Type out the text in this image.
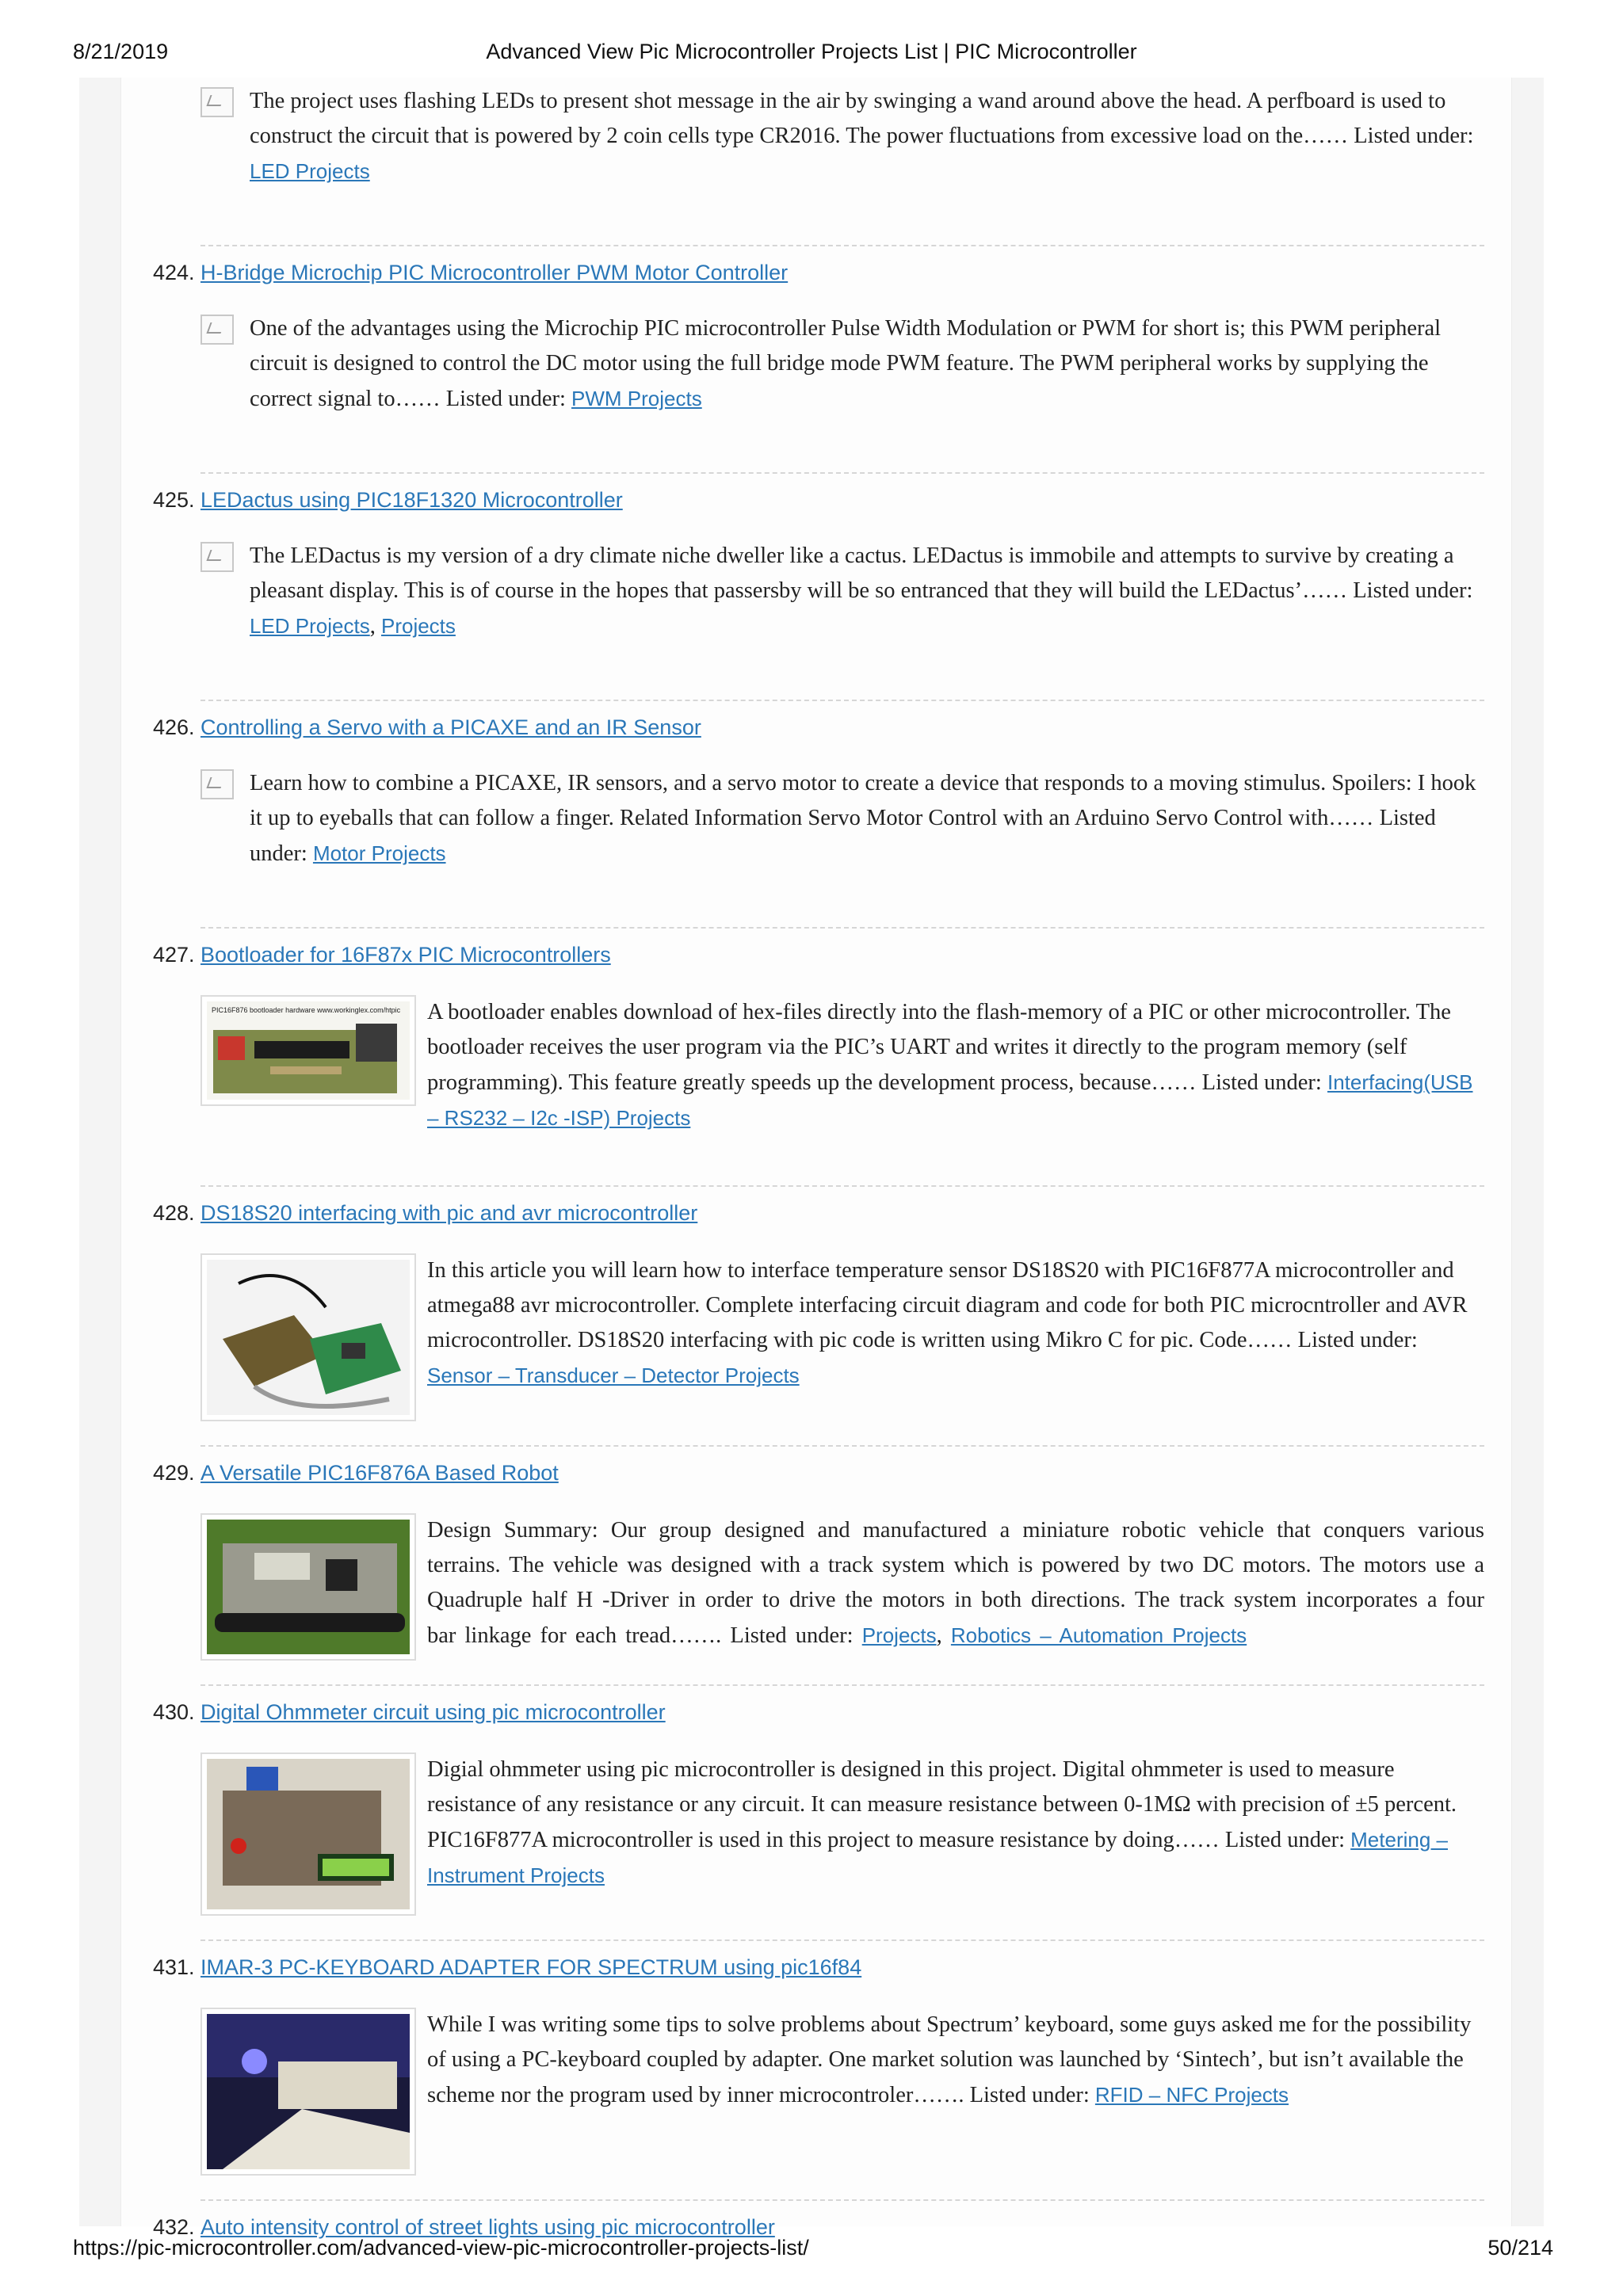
8/21/2019	Advanced View Pic Microcontroller Projects List | PIC Microcontroller
The project uses flashing LEDs to present shot message in the air by swinging a wand around above the head. A perfboard is used to construct the circuit that is powered by 2 coin cells type CR2016. The power fluctuations from excessive load on the…… Listed under: LED Projects
424. H-Bridge Microchip PIC Microcontroller PWM Motor Controller
One of the advantages using the Microchip PIC microcontroller Pulse Width Modulation or PWM for short is; this PWM peripheral circuit is designed to control the DC motor using the full bridge mode PWM feature. The PWM peripheral works by supplying the correct signal to…… Listed under: PWM Projects
425. LEDactus using PIC18F1320 Microcontroller
The LEDactus is my version of a dry climate niche dweller like a cactus. LEDactus is immobile and attempts to survive by creating a pleasant display. This is of course in the hopes that passersby will be so entranced that they will build the LEDactus’…… Listed under: LED Projects, Projects
426. Controlling a Servo with a PICAXE and an IR Sensor
Learn how to combine a PICAXE, IR sensors, and a servo motor to create a device that responds to a moving stimulus. Spoilers: I hook it up to eyeballs that can follow a finger. Related Information Servo Motor Control with an Arduino Servo Control with…… Listed under: Motor Projects
427. Bootloader for 16F87x PIC Microcontrollers
PIC16F876 bootloader hardware www.workinglex.com/htpic A bootloader enables download of hex-files directly into the flash-memory of a PIC or other microcontroller. The bootloader receives the user program via the PIC’s UART and writes it directly to the program memory (self programming). This feature greatly speeds up the development process, because…… Listed under: Interfacing(USB – RS232 – I2c -ISP) Projects
428. DS18S20 interfacing with pic and avr microcontroller
In this article you will learn how to interface temperature sensor DS18S20 with PIC16F877A microcontroller and atmega88 avr microcontroller. Complete interfacing circuit diagram and code for both PIC microcntroller and AVR microcontroller. DS18S20 interfacing with pic code is written using Mikro C for pic. Code…… Listed under: Sensor – Transducer – Detector Projects
429. A Versatile PIC16F876A Based Robot
Design Summary: Our group designed and manufactured a miniature robotic vehicle that conquers various terrains. The vehicle was designed with a track system which is powered by two DC motors. The motors use a Quadruple half H -Driver in order to drive the motors in both directions. The track system incorporates a four bar linkage for each tread……. Listed under: Projects, Robotics – Automation Projects
430. Digital Ohmmeter circuit using pic microcontroller
Digial ohmmeter using pic microcontroller is designed in this project. Digital ohmmeter is used to measure resistance of any resistance or any circuit. It can measure resistance between 0-1MΩ with precision of ±5 percent. PIC16F877A microcontroller is used in this project to measure resistance by doing…… Listed under: Metering – Instrument Projects
431. IMAR-3 PC-KEYBOARD ADAPTER FOR SPECTRUM using pic16f84
While I was writing some tips to solve problems about Spectrum’ keyboard, some guys asked me for the possibility of using a PC-keyboard coupled by adapter. One market solution was launched by ‘Sintech’, but isn’t available the scheme nor the program used by inner microcontroler……. Listed under: RFID – NFC Projects
432. Auto intensity control of street lights using pic microcontroller
https://pic-microcontroller.com/advanced-view-pic-microcontroller-projects-list/	50/214
